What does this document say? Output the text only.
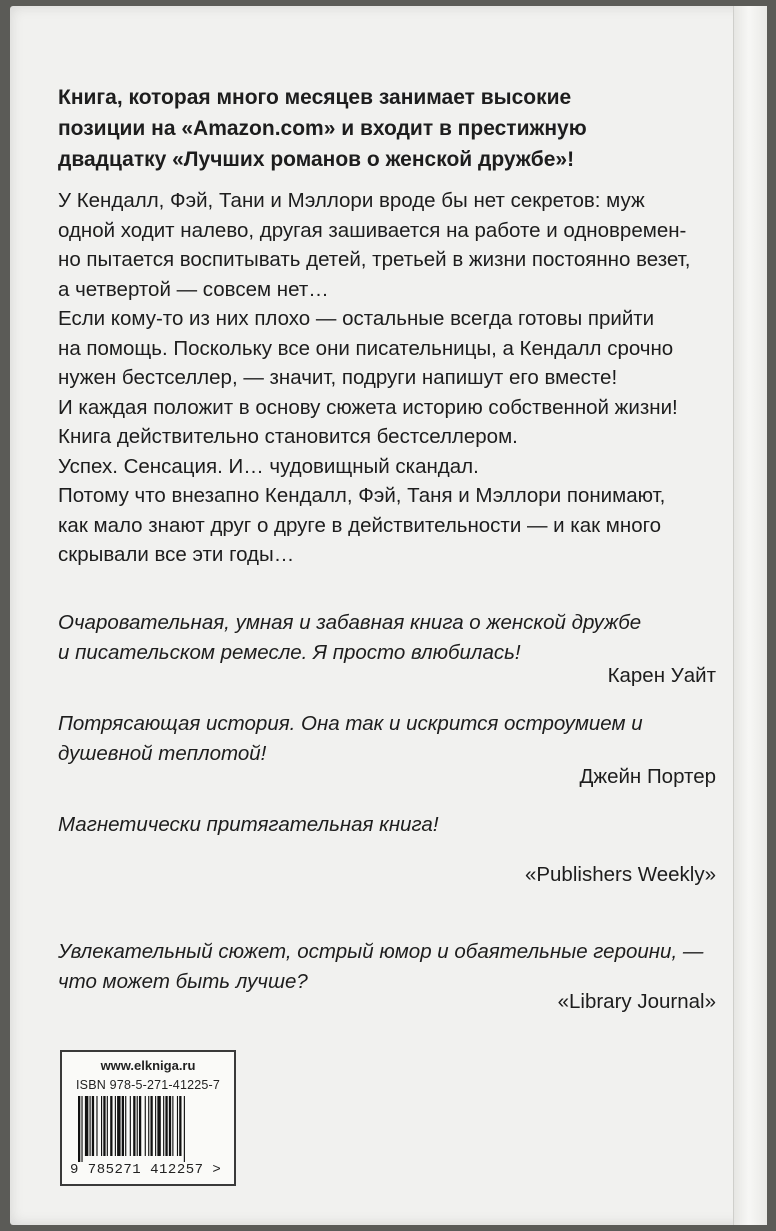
Книга, которая много месяцев занимает высокие
позиции на «Amazon.com» и входит в престижную
двадцатку «Лучших романов о женской дружбе»!
У Кендалл, Фэй, Тани и Мэллори вроде бы нет секретов: муж
одной ходит налево, другая зашивается на работе и одновремен-
но пытается воспитывать детей, третьей в жизни постоянно везет,
а четвертой — совсем нет…
Если кому-то из них плохо — остальные всегда готовы прийти
на помощь. Поскольку все они писательницы, а Кендалл срочно
нужен бестселлер, — значит, подруги напишут его вместе!
И каждая положит в основу сюжета историю собственной жизни!
Книга действительно становится бестселлером.
Успех. Сенсация. И… чудовищный скандал.
Потому что внезапно Кендалл, Фэй, Таня и Мэллори понимают,
как мало знают друг о друге в действительности — и как много
скрывали все эти годы…
Очаровательная, умная и забавная книга о женской дружбе
и писательском ремесле. Я просто влюбилась!
Карен Уайт
Потрясающая история. Она так и искрится остроумием и
душевной теплотой!
Джейн Портер
Магнетически притягательная книга!
«Publishers Weekly»
Увлекательный сюжет, острый юмор и обаятельные героини, —
что может быть лучше?
«Library Journal»
www.elkniga.ru
ISBN 978-5-271-41225-7
9 785271 412257 >
